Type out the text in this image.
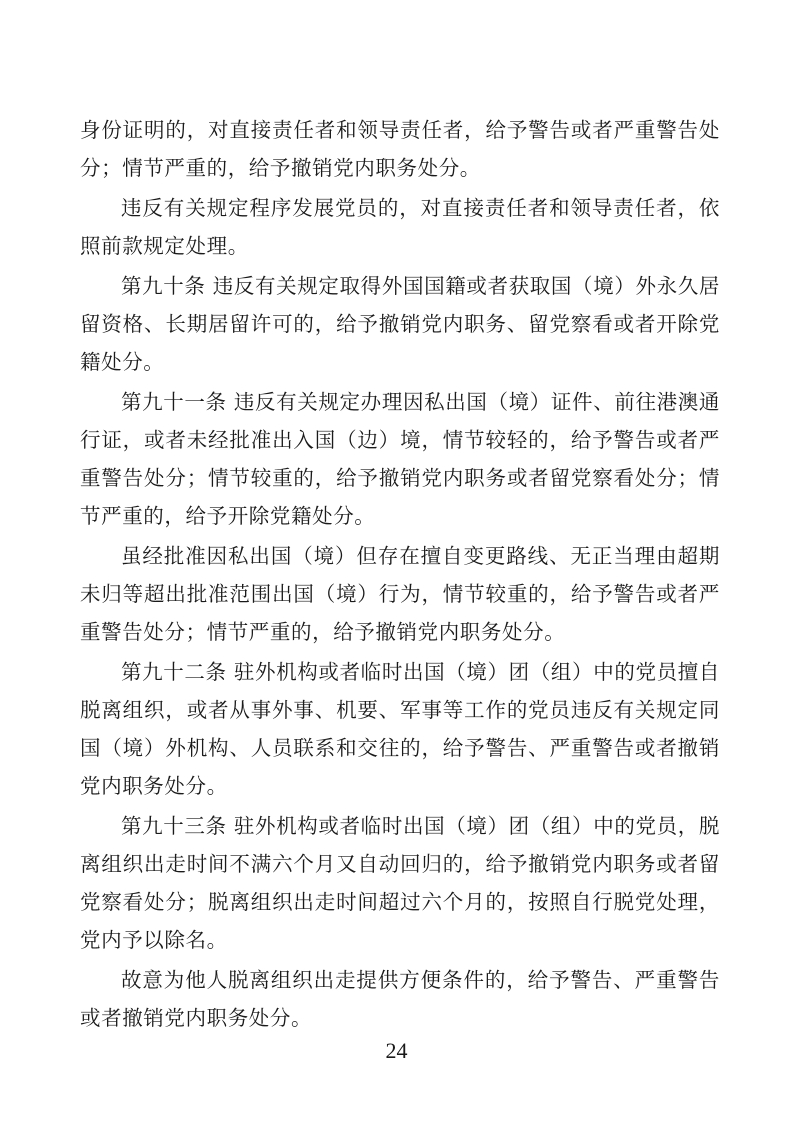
身份证明的，对直接责任者和领导责任者，给予警告或者严重警告处分；情节严重的，给予撤销党内职务处分。

违反有关规定程序发展党员的，对直接责任者和领导责任者，依照前款规定处理。

第九十条 违反有关规定取得外国国籍或者获取国（境）外永久居留资格、长期居留许可的，给予撤销党内职务、留党察看或者开除党籍处分。

第九十一条 违反有关规定办理因私出国（境）证件、前往港澳通行证，或者未经批准出入国（边）境，情节较轻的，给予警告或者严重警告处分；情节较重的，给予撤销党内职务或者留党察看处分；情节严重的，给予开除党籍处分。

虽经批准因私出国（境）但存在擅自变更路线、无正当理由超期未归等超出批准范围出国（境）行为，情节较重的，给予警告或者严重警告处分；情节严重的，给予撤销党内职务处分。

第九十二条 驻外机构或者临时出国（境）团（组）中的党员擅自脱离组织，或者从事外事、机要、军事等工作的党员违反有关规定同国（境）外机构、人员联系和交往的，给予警告、严重警告或者撤销党内职务处分。

第九十三条 驻外机构或者临时出国（境）团（组）中的党员，脱离组织出走时间不满六个月又自动回归的，给予撤销党内职务或者留党察看处分；脱离组织出走时间超过六个月的，按照自行脱党处理，党内予以除名。

故意为他人脱离组织出走提供方便条件的，给予警告、严重警告或者撤销党内职务处分。

24
